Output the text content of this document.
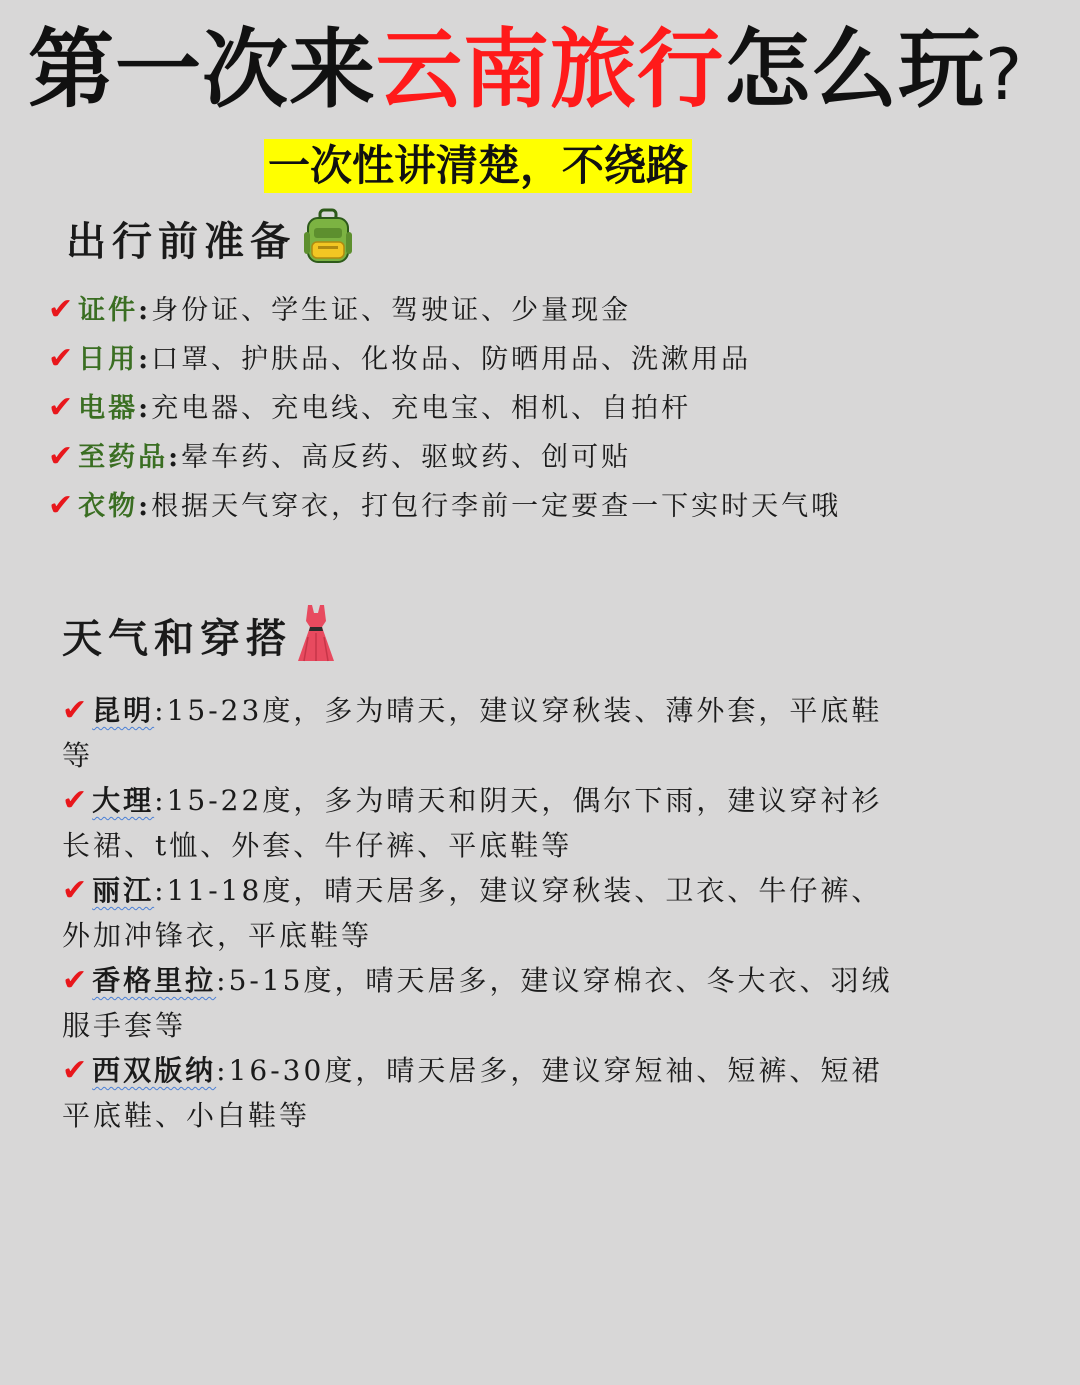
第一次来云南旅行怎么玩?
一次性讲清楚，不绕路
出行前准备
✔证件:身份证、学生证、驾驶证、少量现金
✔日用:口罩、护肤品、化妆品、防晒用品、洗漱用品
✔电器:充电器、充电线、充电宝、相机、自拍杆
✔至药品:晕车药、高反药、驱蚊药、创可贴
✔衣物:根据天气穿衣，打包行李前一定要查一下实时天气哦
天气和穿搭
✔昆明:15-23度，多为晴天，建议穿秋装、薄外套，平底鞋等
✔大理:15-22度，多为晴天和阴天，偶尔下雨，建议穿衬衫长裙、t恤、外套、牛仔裤、平底鞋等
✔丽江:11-18度，晴天居多，建议穿秋装、卫衣、牛仔裤、外加冲锋衣，平底鞋等
✔香格里拉:5-15度，晴天居多，建议穿棉衣、冬大衣、羽绒服手套等
✔西双版纳:16-30度，晴天居多，建议穿短袖、短裤、短裙平底鞋、小白鞋等
